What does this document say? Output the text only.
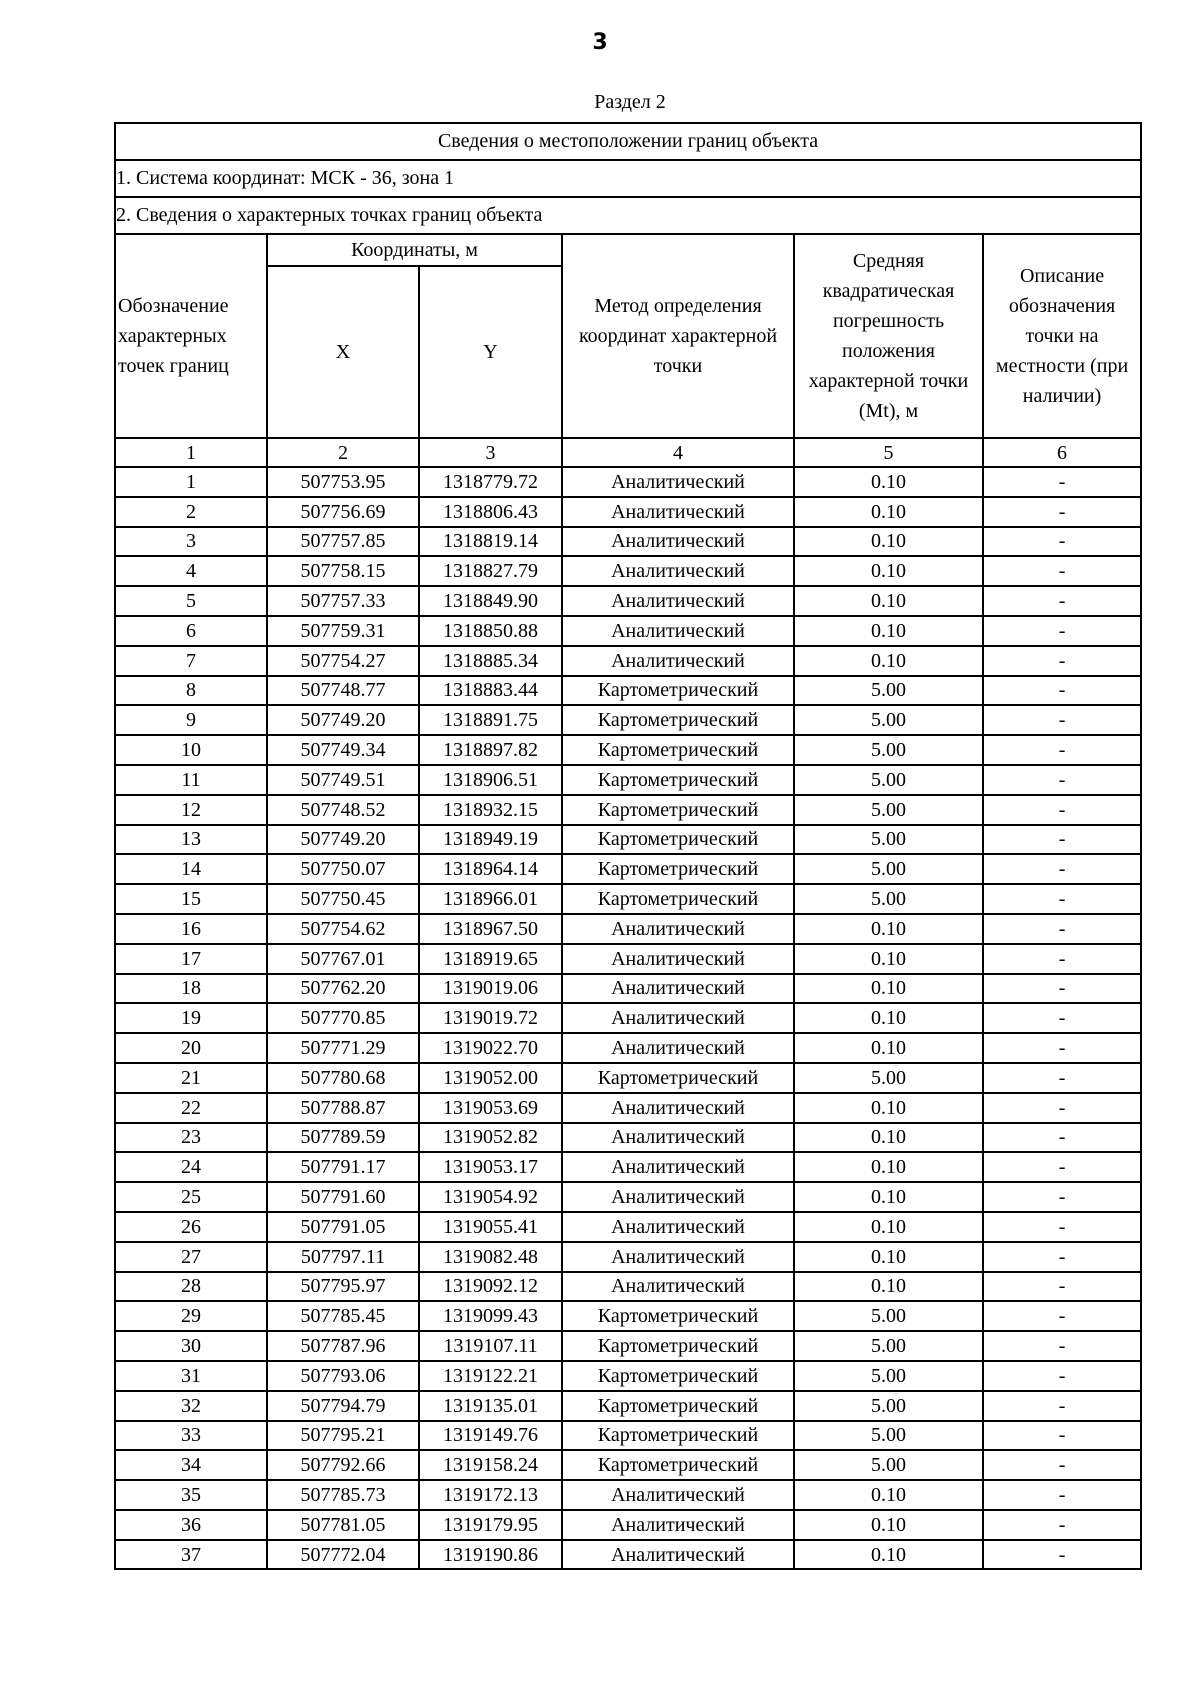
3
Раздел 2
Сведения о местоположении границ объекта					
1. Система координат: МСК - 36, зона 1					
2. Сведения о характерных точках границ объекта					
Обозначение характерных точек границ	Координаты, м		Метод определения координат характерной точки	Средняя квадратическая погрешность положения характерной точки (Mt), м	Описание обозначения точки на местности (при наличии)
	X	Y			
1	2	3	4	5	6
1	507753.95	1318779.72	Аналитический	0.10	-
2	507756.69	1318806.43	Аналитический	0.10	-
3	507757.85	1318819.14	Аналитический	0.10	-
4	507758.15	1318827.79	Аналитический	0.10	-
5	507757.33	1318849.90	Аналитический	0.10	-
6	507759.31	1318850.88	Аналитический	0.10	-
7	507754.27	1318885.34	Аналитический	0.10	-
8	507748.77	1318883.44	Картометрический	5.00	-
9	507749.20	1318891.75	Картометрический	5.00	-
10	507749.34	1318897.82	Картометрический	5.00	-
11	507749.51	1318906.51	Картометрический	5.00	-
12	507748.52	1318932.15	Картометрический	5.00	-
13	507749.20	1318949.19	Картометрический	5.00	-
14	507750.07	1318964.14	Картометрический	5.00	-
15	507750.45	1318966.01	Картометрический	5.00	-
16	507754.62	1318967.50	Аналитический	0.10	-
17	507767.01	1318919.65	Аналитический	0.10	-
18	507762.20	1319019.06	Аналитический	0.10	-
19	507770.85	1319019.72	Аналитический	0.10	-
20	507771.29	1319022.70	Аналитический	0.10	-
21	507780.68	1319052.00	Картометрический	5.00	-
22	507788.87	1319053.69	Аналитический	0.10	-
23	507789.59	1319052.82	Аналитический	0.10	-
24	507791.17	1319053.17	Аналитический	0.10	-
25	507791.60	1319054.92	Аналитический	0.10	-
26	507791.05	1319055.41	Аналитический	0.10	-
27	507797.11	1319082.48	Аналитический	0.10	-
28	507795.97	1319092.12	Аналитический	0.10	-
29	507785.45	1319099.43	Картометрический	5.00	-
30	507787.96	1319107.11	Картометрический	5.00	-
31	507793.06	1319122.21	Картометрический	5.00	-
32	507794.79	1319135.01	Картометрический	5.00	-
33	507795.21	1319149.76	Картометрический	5.00	-
34	507792.66	1319158.24	Картометрический	5.00	-
35	507785.73	1319172.13	Аналитический	0.10	-
36	507781.05	1319179.95	Аналитический	0.10	-
37	507772.04	1319190.86	Аналитический	0.10	-
